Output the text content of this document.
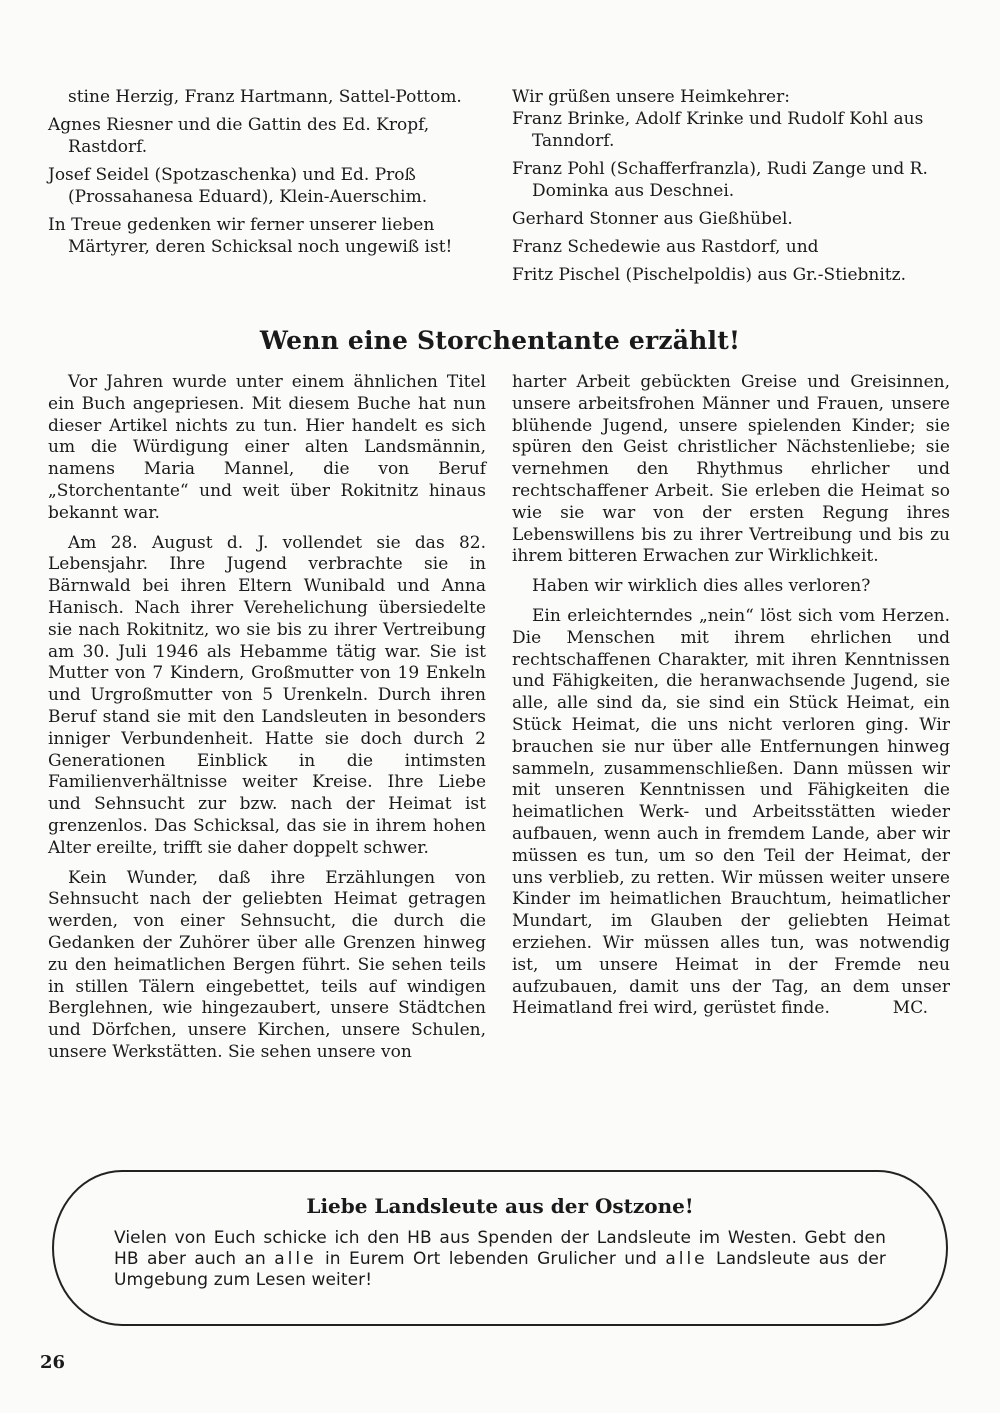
stine Herzig, Franz Hartmann, Sattel-Pottom.

Agnes Riesner und die Gattin des Ed. Kropf, Rastdorf.

Josef Seidel (Spotzaschenka) und Ed. Proß (Prossahanesa Eduard), Klein-Auerschim.

In Treue gedenken wir ferner unserer lieben Märtyrer, deren Schicksal noch ungewiß ist!

Wir grüßen unsere Heimkehrer:

Franz Brinke, Adolf Krinke und Rudolf Kohl aus Tanndorf.

Franz Pohl (Schafferfranzla), Rudi Zange und R. Dominka aus Deschnei.

Gerhard Stonner aus Gießhübel.

Franz Schedewie aus Rastdorf, und

Fritz Pischel (Pischelpoldis) aus Gr.-Stiebnitz.

Wenn eine Storchentante erzählt!

Vor Jahren wurde unter einem ähnlichen Titel ein Buch angepriesen. Mit diesem Buche hat nun dieser Artikel nichts zu tun. Hier handelt es sich um die Würdigung einer alten Landsmännin, namens Maria Mannel, die von Beruf „Storchentante“ und weit über Rokitnitz hinaus bekannt war.

Am 28. August d. J. vollendet sie das 82. Lebensjahr. Ihre Jugend verbrachte sie in Bärnwald bei ihren Eltern Wunibald und Anna Hanisch. Nach ihrer Verehelichung übersiedelte sie nach Rokitnitz, wo sie bis zu ihrer Vertreibung am 30. Juli 1946 als Hebamme tätig war. Sie ist Mutter von 7 Kindern, Großmutter von 19 Enkeln und Urgroßmutter von 5 Urenkeln. Durch ihren Beruf stand sie mit den Landsleuten in besonders inniger Verbundenheit. Hatte sie doch durch 2 Generationen Einblick in die intimsten Familienverhältnisse weiter Kreise. Ihre Liebe und Sehnsucht zur bzw. nach der Heimat ist grenzenlos. Das Schicksal, das sie in ihrem hohen Alter ereilte, trifft sie daher doppelt schwer.

Kein Wunder, daß ihre Erzählungen von Sehnsucht nach der geliebten Heimat getragen werden, von einer Sehnsucht, die durch die Gedanken der Zuhörer über alle Grenzen hinweg zu den heimatlichen Bergen führt. Sie sehen teils in stillen Tälern eingebettet, teils auf windigen Berglehnen, wie hingezaubert, unsere Städtchen und Dörfchen, unsere Kirchen, unsere Schulen, unsere Werkstätten. Sie sehen unsere von

harter Arbeit gebückten Greise und Greisinnen, unsere arbeitsfrohen Männer und Frauen, unsere blühende Jugend, unsere spielenden Kinder; sie spüren den Geist christlicher Nächstenliebe; sie vernehmen den Rhythmus ehrlicher und rechtschaffener Arbeit. Sie erleben die Heimat so wie sie war von der ersten Regung ihres Lebenswillens bis zu ihrer Vertreibung und bis zu ihrem bitteren Erwachen zur Wirklichkeit.

Haben wir wirklich dies alles verloren?

Ein erleichterndes „nein“ löst sich vom Herzen. Die Menschen mit ihrem ehrlichen und rechtschaffenen Charakter, mit ihren Kenntnissen und Fähigkeiten, die heranwachsende Jugend, sie alle, alle sind da, sie sind ein Stück Heimat, ein Stück Heimat, die uns nicht verloren ging. Wir brauchen sie nur über alle Entfernungen hinweg sammeln, zusammenschließen. Dann müssen wir mit unseren Kenntnissen und Fähigkeiten die heimatlichen Werk- und Arbeitsstätten wieder aufbauen, wenn auch in fremdem Lande, aber wir müssen es tun, um so den Teil der Heimat, der uns verblieb, zu retten. Wir müssen weiter unsere Kinder im heimatlichen Brauchtum, heimatlicher Mundart, im Glauben der geliebten Heimat erziehen. Wir müssen alles tun, was notwendig ist, um unsere Heimat in der Fremde neu aufzubauen, damit uns der Tag, an dem unser Heimatland frei wird, gerüstet finde.	MC.

Liebe Landsleute aus der Ostzone!

Vielen von Euch schicke ich den HB aus Spenden der Landsleute im Westen. Gebt den HB aber auch an alle in Eurem Ort lebenden Grulicher und alle Landsleute aus der Umgebung zum Lesen weiter!

26
